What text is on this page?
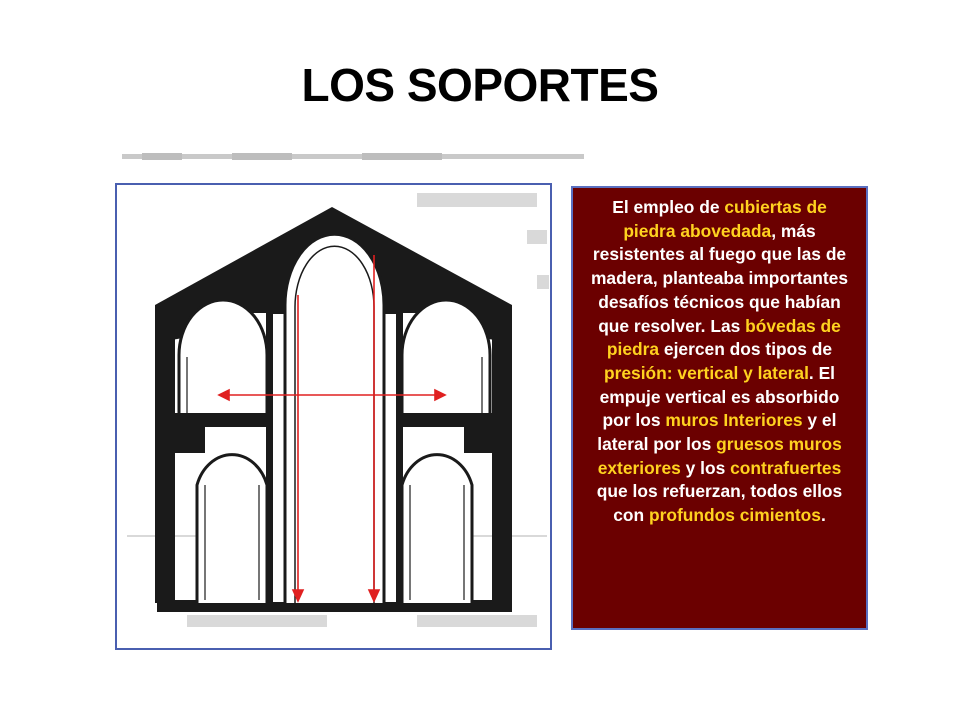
LOS SOPORTES
El empleo de cubiertas de piedra abovedada, más resistentes al fuego que las de madera, planteaba importantes desafíos técnicos que habían que resolver. Las bóvedas de piedra ejercen dos tipos de presión: vertical y lateral. El empuje vertical es absorbido por los muros Interiores y el lateral por los gruesos muros exteriores y los contrafuertes que los refuerzan, todos ellos con profundos cimientos.
